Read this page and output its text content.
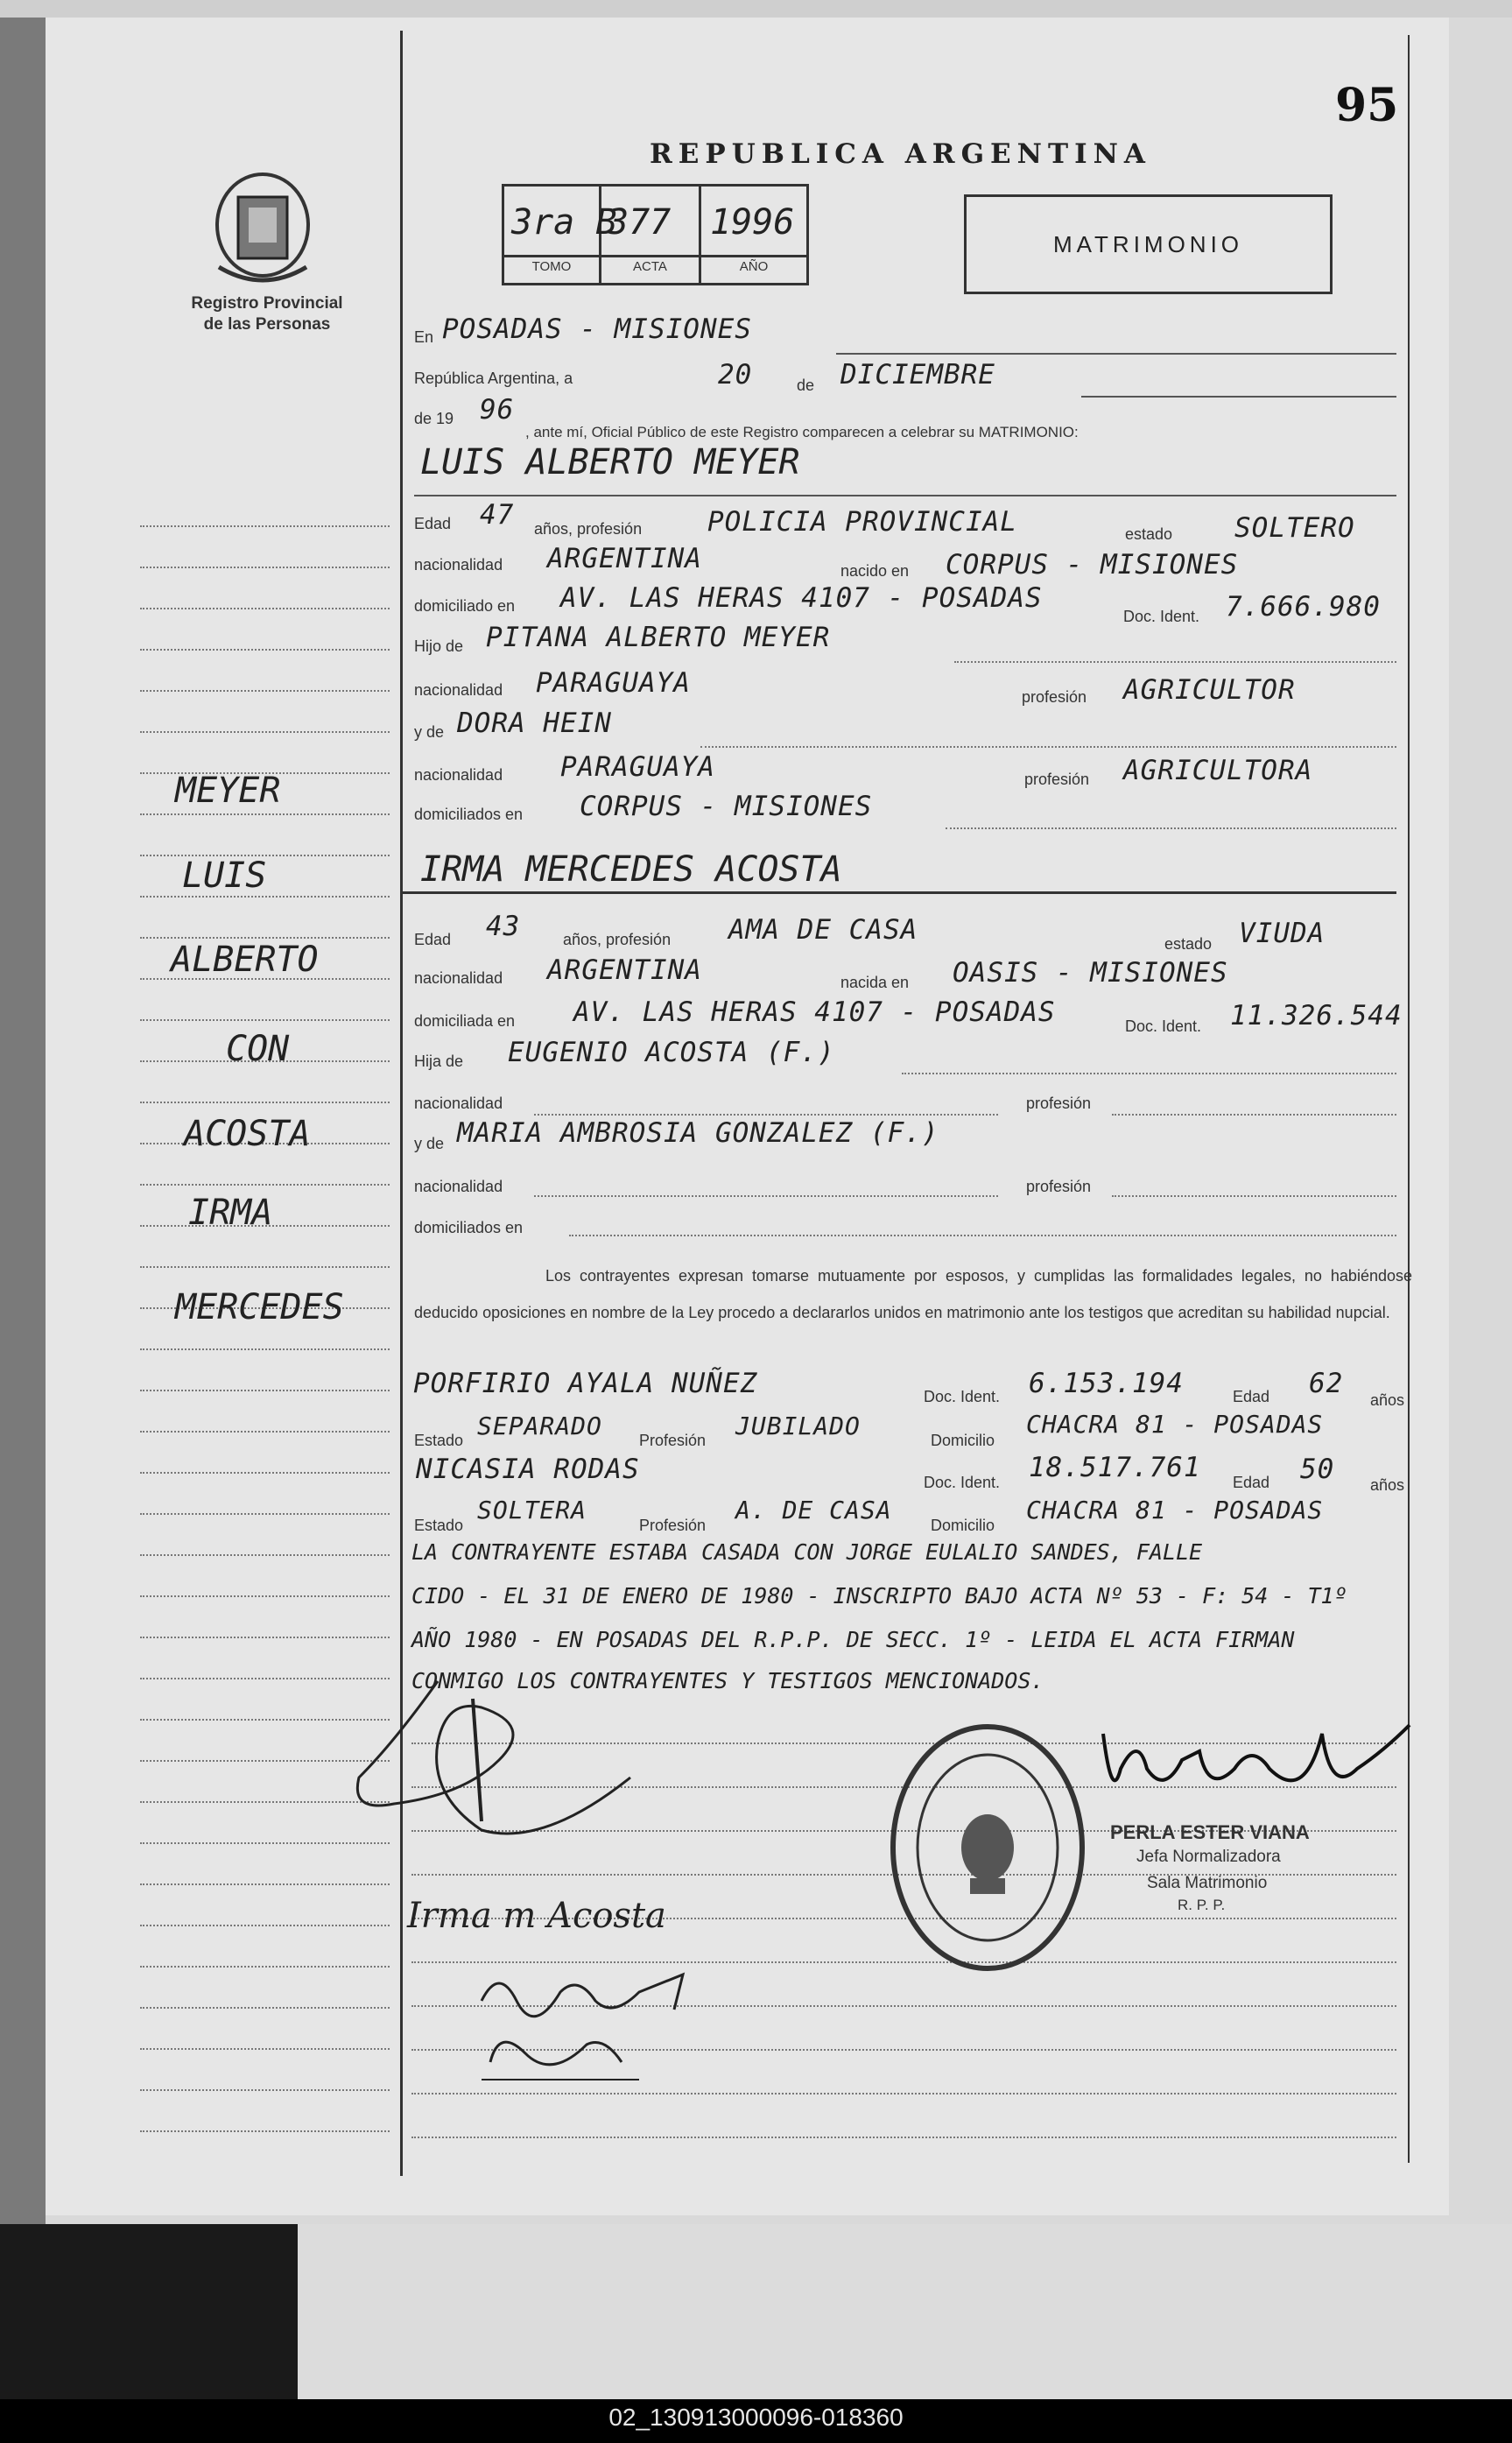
Registro Provincial
de las Personas
95
REPUBLICA ARGENTINA
3ra B
377 1996
TOMO	ACTA	AÑO
MATRIMONIO
En POSADAS - MISIONES
República Argentina, a	20	de DICIEMBRE
de 19 96
, ante mí, Oficial Público de este Registro comparecen a celebrar su MATRIMONIO:
LUIS ALBERTO MEYER
Edad 47 años, profesión POLICIA PROVINCIAL	estado SOLTERO
nacionalidad ARGENTINA	nacido en CORPUS - MISIONES
domiciliado en AV. LAS HERAS 4107 - POSADAS
Doc. Ident. 7.666.980
Hijo de PITANA ALBERTO MEYER
nacionalidad PARAGUAYA	profesión AGRICULTOR
y de DORA HEIN
nacionalidad PARAGUAYA	profesión AGRICULTORA
domiciliados en CORPUS - MISIONES
IRMA MERCEDES ACOSTA
Edad 43	años, profesión AMA DE CASA	estado VIUDA
nacionalidad ARGENTINA	nacida en OASIS - MISIONES
domiciliada en AV. LAS HERAS 4107 - POSADAS	Doc. Ident. 11.326.544
Hija de EUGENIO ACOSTA (F.)
nacionalidad	profesión
y de MARIA AMBROSIA GONZALEZ (F.)
nacionalidad	profesión
domiciliados en
Los contrayentes expresan tomarse mutuamente por esposos, y cumplidas las formalidades legales, no habiéndose deducido oposiciones en nombre de la Ley procedo a declararlos unidos en matrimonio ante los testigos que acreditan su habilidad nupcial.
PORFIRIO AYALA NUÑEZ	Doc. Ident. 6.153.194	Edad 62
años
Estado SEPARADO Profesión JUBILADO	Domicilio
CHACRA 81 - POSADAS
NICASIA RODAS	Doc. Ident. 18.517.761 Edad 50 años
Estado
SOLTERA
Profesión
A. DE CASA
Domicilio
CHACRA 81 - POSADAS
LA CONTRAYENTE ESTABA CASADA CON JORGE EULALIO SANDES, FALLE
CIDO - EL 31 DE ENERO DE 1980 - INSCRIPTO BAJO ACTA Nº 53 - F: 54 - T1º
AÑO 1980 - EN POSADAS DEL R.P.P. DE SECC. 1º - LEIDA EL ACTA FIRMAN
CONMIGO LOS CONTRAYENTES Y TESTIGOS MENCIONADOS.
MEYER
LUIS
ALBERTO
CON
ACOSTA
IRMA
MERCEDES
Irma m Acosta
PERLA ESTER VIANA
Jefa Normalizadora
Sala Matrimonio
R. P. P.
02_130913000096-018360
